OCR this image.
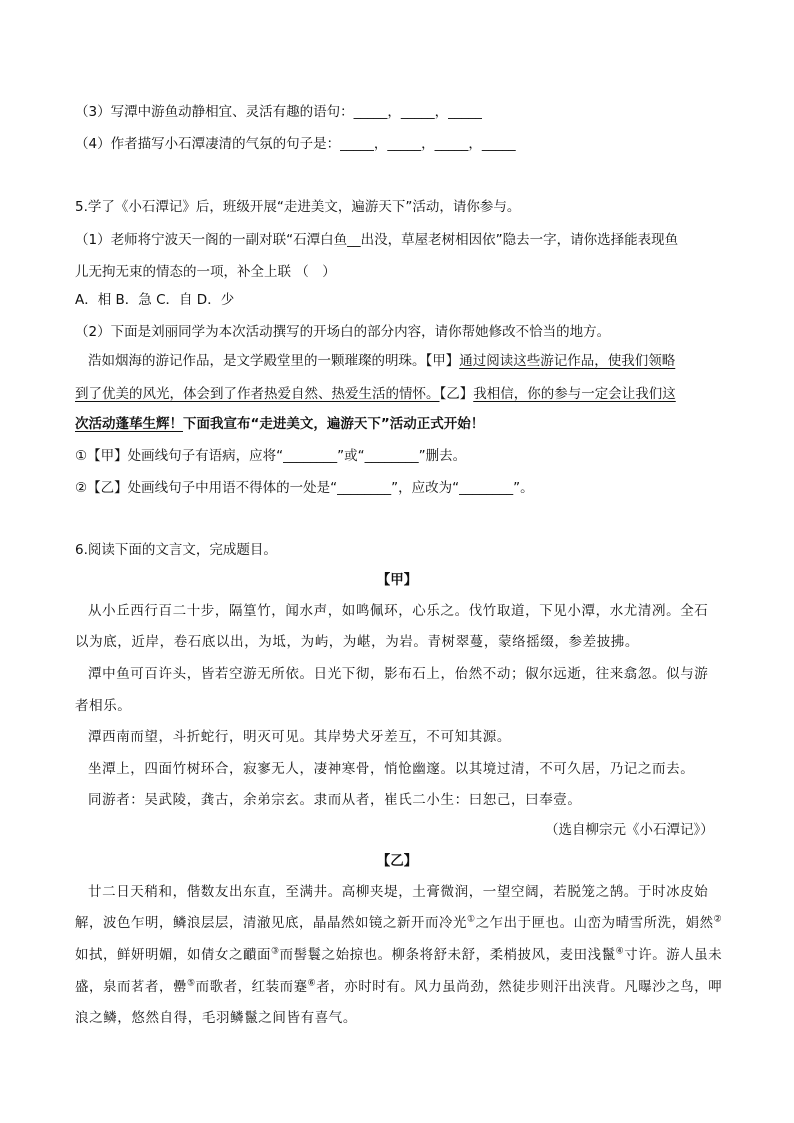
（3）写潭中游鱼动静相宜、灵活有趣的语句：_____，_____，_____
（4）作者描写小石潭凄清的气氛的句子是：_____，_____，_____，_____
5.学了《小石潭记》后，班级开展“走进美文，遍游天下”活动，请你参与。
（1）老师将宁波天一阁的一副对联“石潭白鱼__出没，草屋老树相因依”隐去一字，请你选择能表现鱼
儿无拘无束的情态的一项，补全上联 （　）
A．相 B．急 C．自 D．少
（2）下面是刘丽同学为本次活动撰写的开场白的部分内容，请你帮她修改不恰当的地方。
浩如烟海的游记作品，是文学殿堂里的一颗璀璨的明珠。【甲】通过阅读这些游记作品，使我们领略
到了优美的风光，体会到了作者热爱自然、热爱生活的情怀。【乙】我相信，你的参与一定会让我们这
次活动蓬荜生辉！下面我宣布“走进美文，遍游天下”活动正式开始！
①【甲】处画线句子有语病，应将“________”或“________”删去。
②【乙】处画线句子中用语不得体的一处是“________”，应改为“________”。
6.阅读下面的文言文，完成题目。
【甲】
从小丘西行百二十步，隔篁竹，闻水声，如鸣佩环，心乐之。伐竹取道，下见小潭，水尤清冽。全石
以为底，近岸，卷石底以出，为坻，为屿，为嵁，为岩。青树翠蔓，蒙络摇缀，参差披拂。
潭中鱼可百许头，皆若空游无所依。日光下彻，影布石上，佁然不动；俶尔远逝，往来翕忽。似与游
者相乐。
潭西南而望，斗折蛇行，明灭可见。其岸势犬牙差互，不可知其源。
坐潭上，四面竹树环合，寂寥无人，凄神寒骨，悄怆幽邃。以其境过清，不可久居，乃记之而去。
同游者：吴武陵，龚古，余弟宗玄。隶而从者，崔氏二小生：曰恕己，曰奉壹。
（选自柳宗元《小石潭记》）
【乙】
廿二日天稍和，偕数友出东直，至满井。高柳夹堤，土膏微润，一望空阔，若脱笼之鹄。于时冰皮始
解，波色乍明，鳞浪层层，清澈见底，晶晶然如镜之新开而冷光①之乍出于匣也。山峦为晴雪所洗，娟然②
如拭，鲜妍明媚，如倩女之靧面③而髻鬟之始掠也。柳条将舒未舒，柔梢披风，麦田浅鬣④寸许。游人虽未
盛，泉而茗者，罍⑤而歌者，红装而蹇⑥者，亦时时有。风力虽尚劲，然徒步则汗出浃背。凡曝沙之鸟，呷
浪之鳞，悠然自得，毛羽鳞鬣之间皆有喜气。
